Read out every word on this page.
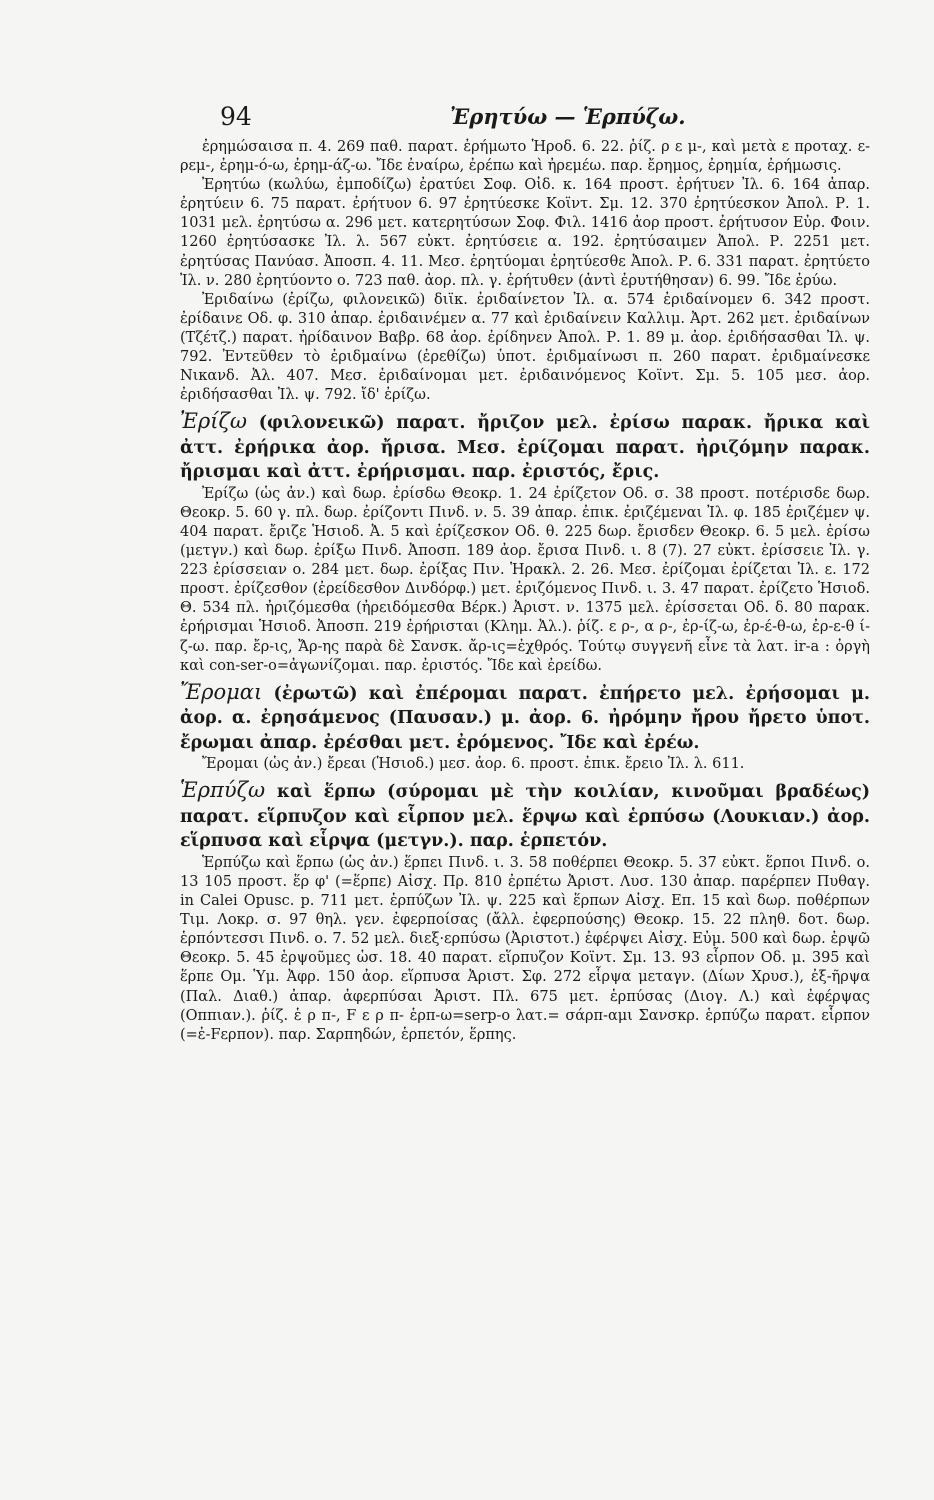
94	Ἐρητύω — Ἑρπύζω.

ἐρημώσαισα π. 4. 269 παθ. παρατ. ἐρήμωτο Ἡροδ. 6. 22. ῥίζ. ρ ε μ-, καὶ μετὰ ε προταχ. ε-ρεμ-, ἐρημ-ό-ω, ἐρημ-άζ-ω. Ἴδε ἐναίρω, ἐρέπω καὶ ἠρεμέω. παρ. ἔρημος, ἐρημία, ἐρήμωσις.

Ἐρητύω (κωλύω, ἐμποδίζω) ἐρατύει Σοφ. Οἰδ. κ. 164 προστ. ἐρήτυεν Ἰλ. 6. 164 ἀπαρ. ἐρητύειν 6. 75 παρατ. ἐρήτυον 6. 97 ἐρητύεσκε Κοϊντ. Σμ. 12. 370 ἐρητύεσκον Ἀπολ. Ρ. 1. 1031 μελ. ἐρητύσω α. 296 μετ. κατερητύσων Σοφ. Φιλ. 1416 ἀορ προστ. ἐρήτυσον Εὐρ. Φοιν. 1260 ἐρητύσασκε Ἰλ. λ. 567 εὐκτ. ἐρητύσειε α. 192. ἐρητύσαιμεν Ἀπολ. Ρ. 2251 μετ. ἐρητύσας Πανύασ. Ἀποσπ. 4. 11. Μεσ. ἐρητύομαι ἐρητύεσθε Ἀπολ. Ρ. 6. 331 παρατ. ἐρητύετο Ἰλ. ν. 280 ἐρητύοντο ο. 723 παθ. ἀορ. πλ. γ. ἐρήτυθεν (ἀντὶ ἐρυτήθησαν) 6. 99. Ἴδε ἐρύω.

Ἐριδαίνω (ἐρίζω, φιλονεικῶ) διϊκ. ἐριδαίνετον Ἰλ. α. 574 ἐριδαίνομεν 6. 342 προστ. ἐρίδαινε Οδ. φ. 310 ἀπαρ. ἐριδαινέμεν α. 77 καὶ ἐριδαίνειν Καλλιμ. Ἀρτ. 262 μετ. ἐριδαίνων (Τζέτζ.) παρατ. ἠρίδαινον Βαβρ. 68 ἀορ. ἐρίδηνεν Ἀπολ. Ρ. 1. 89 μ. ἀορ. ἐριδήσασθαι Ἰλ. ψ. 792. Ἐντεῦθεν τὸ ἐριδμαίνω (ἐρεθίζω) ὑποτ. ἐριδμαίνωσι π. 260 παρατ. ἐριδμαίνεσκε Νικανδ. Ἀλ. 407. Μεσ. ἐριδαίνομαι μετ. ἐριδαινόμενος Κοϊντ. Σμ. 5. 105 μεσ. ἀορ. ἐριδήσασθαι Ἰλ. ψ. 792. ἴδ' ἐρίζω.

Ἐρίζω (φιλονεικῶ) παρατ. ἤριζον μελ. ἐρίσω παρακ. ἤρικα καὶ ἀττ. ἐρήρικα ἀορ. ἤρισα. Μεσ. ἐρίζομαι παρατ. ἠριζόμην παρακ. ἤρισμαι καὶ ἀττ. ἐρήρισμαι. παρ. ἐριστός, ἔρις.

Ἐρίζω (ὡς ἀν.) καὶ δωρ. ἐρίσδω Θεοκρ. 1. 24 ἐρίζετον Οδ. σ. 38 προστ. ποτέρισδε δωρ. Θεοκρ. 5. 60 γ. πλ. δωρ. ἐρίζοντι Πινδ. ν. 5. 39 ἀπαρ. ἐπικ. ἐριζέμεναι Ἰλ. φ. 185 ἐριζέμεν ψ. 404 παρατ. ἔριζε Ἡσιοδ. Ἀ. 5 καὶ ἐρίζεσκον Οδ. θ. 225 δωρ. ἔρισδεν Θεοκρ. 6. 5 μελ. ἐρίσω (μετγν.) καὶ δωρ. ἐρίξω Πινδ. Ἀποσπ. 189 ἀορ. ἔρισα Πινδ. ι. 8 (7). 27 εὐκτ. ἐρίσσειε Ἰλ. γ. 223 ἐρίσσειαν ο. 284 μετ. δωρ. ἐρίξας Πιν. Ἡρακλ. 2. 26. Μεσ. ἐρίζομαι ἐρίζεται Ἰλ. ε. 172 προστ. ἐρίζεσθον (ἐρείδεσθον Δινδόρφ.) μετ. ἐριζόμενος Πινδ. ι. 3. 47 παρατ. ἐρίζετο Ἡσιοδ. Θ. 534 πλ. ἠριζόμεσθα (ἠρειδόμεσθα Βέρκ.) Ἀριστ. ν. 1375 μελ. ἐρίσσεται Οδ. δ. 80 παρακ. ἐρήρισμαι Ἡσιοδ. Ἀποσπ. 219 ἐρήρισται (Κλημ. Ἀλ.). ῥίζ. ε ρ-, α ρ-, ἐρ-ίζ-ω, ἐρ-έ-θ-ω, ἐρ-ε-θ ί-ζ-ω. παρ. ἔρ-ις, Ἄρ-ης παρὰ δὲ Σανσκ. ἄρ-ις=ἐχθρός. Τούτῳ συγγενῆ εἶνε τὰ λατ. ir-a : ὀργὴ καὶ con-ser-o=ἀγωνίζομαι. παρ. ἐριστός. Ἴδε καὶ ἐρείδω.

Ἔρομαι (ἐρωτῶ) καὶ ἐπέρομαι παρατ. ἐπήρετο μελ. ἐρήσομαι μ. ἀορ. α. ἐρησάμενος (Παυσαν.) μ. ἀορ. 6. ἠρόμην ἤρου ἤρετο ὑποτ. ἔρωμαι ἀπαρ. ἐρέσθαι μετ. ἐρόμενος. Ἴδε καὶ ἐρέω.

Ἔρομαι (ὡς ἀν.) ἔρεαι (Ἡσιοδ.) μεσ. ἀορ. 6. προστ. ἐπικ. ἔρειο Ἰλ. λ. 611.

Ἑρπύζω καὶ ἕρπω (σύρομαι μὲ τὴν κοιλίαν, κινοῦμαι βραδέως) παρατ. εἵρπυζον καὶ εἷρπον μελ. ἕρψω καὶ ἑρπύσω (Λουκιαν.) ἀορ. εἵρπυσα καὶ εἷρψα (μετγν.). παρ. ἑρπετόν.

Ἑρπύζω καὶ ἕρπω (ὡς ἀν.) ἕρπει Πινδ. ι. 3. 58 ποθέρπει Θεοκρ. 5. 37 εὐκτ. ἕρποι Πινδ. ο. 13 105 προστ. ἕρ φ' (=ἕρπε) Αἰσχ. Πρ. 810 ἐρπέτω Ἀριστ. Λυσ. 130 ἀπαρ. παρέρπεν Πυθαγ. in Calei Opusc. p. 711 μετ. ἑρπύζων Ἰλ. ψ. 225 καὶ ἕρπων Αἰσχ. Επ. 15 καὶ δωρ. ποθέρπων Τιμ. Λοκρ. σ. 97 θηλ. γεν. ἐφερποίσας (ἄλλ. ἐφερπούσης) Θεοκρ. 15. 22 πληθ. δοτ. δωρ. ἑρπόντεσσι Πινδ. ο. 7. 52 μελ. διεξ·ερπύσω (Ἀριστοτ.) ἐφέρψει Αἰσχ. Εὐμ. 500 καὶ δωρ. ἑρψῶ Θεοκρ. 5. 45 ἑρψοῦμες ὡσ. 18. 40 παρατ. εἵρπυζον Κοϊντ. Σμ. 13. 93 εἷρπον Οδ. μ. 395 καὶ ἕρπε Ομ. Ὑμ. Ἀφρ. 150 ἀορ. εἵρπυσα Ἀριστ. Σφ. 272 εἷρψα μεταγν. (Δίων Χρυσ.), ἐξ-ῆρψα (Παλ. Διαθ.) ἀπαρ. ἀφερπύσαι Ἀριστ. Πλ. 675 μετ. ἑρπύσας (Διογ. Λ.) καὶ ἐφέρψας (Οππιαν.). ῥίζ. ἑ ρ π-, F ε ρ π- ἑρπ-ω=serp-o λατ.= σάρπ-αμι Σανσκρ. ἑρπύζω παρατ. εἷρπον (=ἐ-Fερπον). παρ. Σαρπηδών, ἑρπετόν, ἕρπης.
